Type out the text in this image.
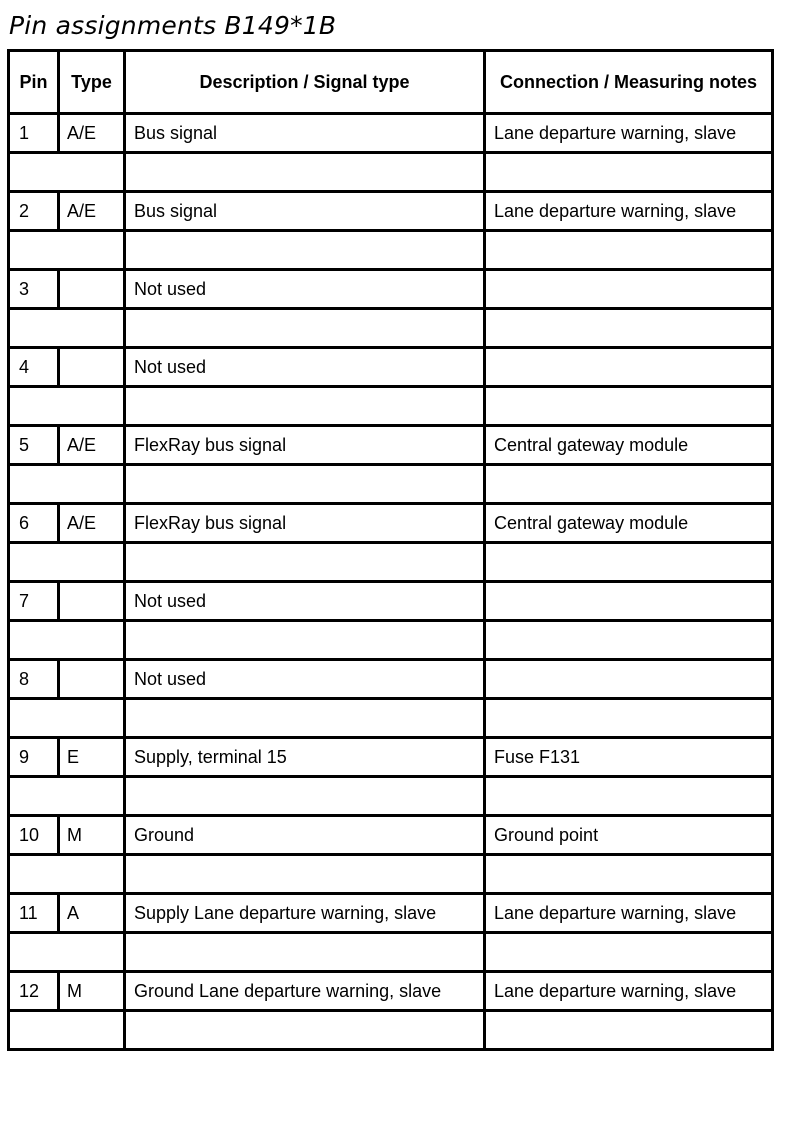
Pin assignments B149*1B
Pin	Type	Description / Signal type	Connection / Measuring notes
1	A/E	Bus signal	Lane departure warning, slave

2	A/E	Bus signal	Lane departure warning, slave

3		Not used	

4		Not used	

5	A/E	FlexRay bus signal	Central gateway module

6	A/E	FlexRay bus signal	Central gateway module

7		Not used	

8		Not used	

9	E	Supply, terminal 15	Fuse F131

10	M	Ground	Ground point

11	A	Supply Lane departure warning, slave	Lane departure warning, slave

12	M	Ground Lane departure warning, slave	Lane departure warning, slave
